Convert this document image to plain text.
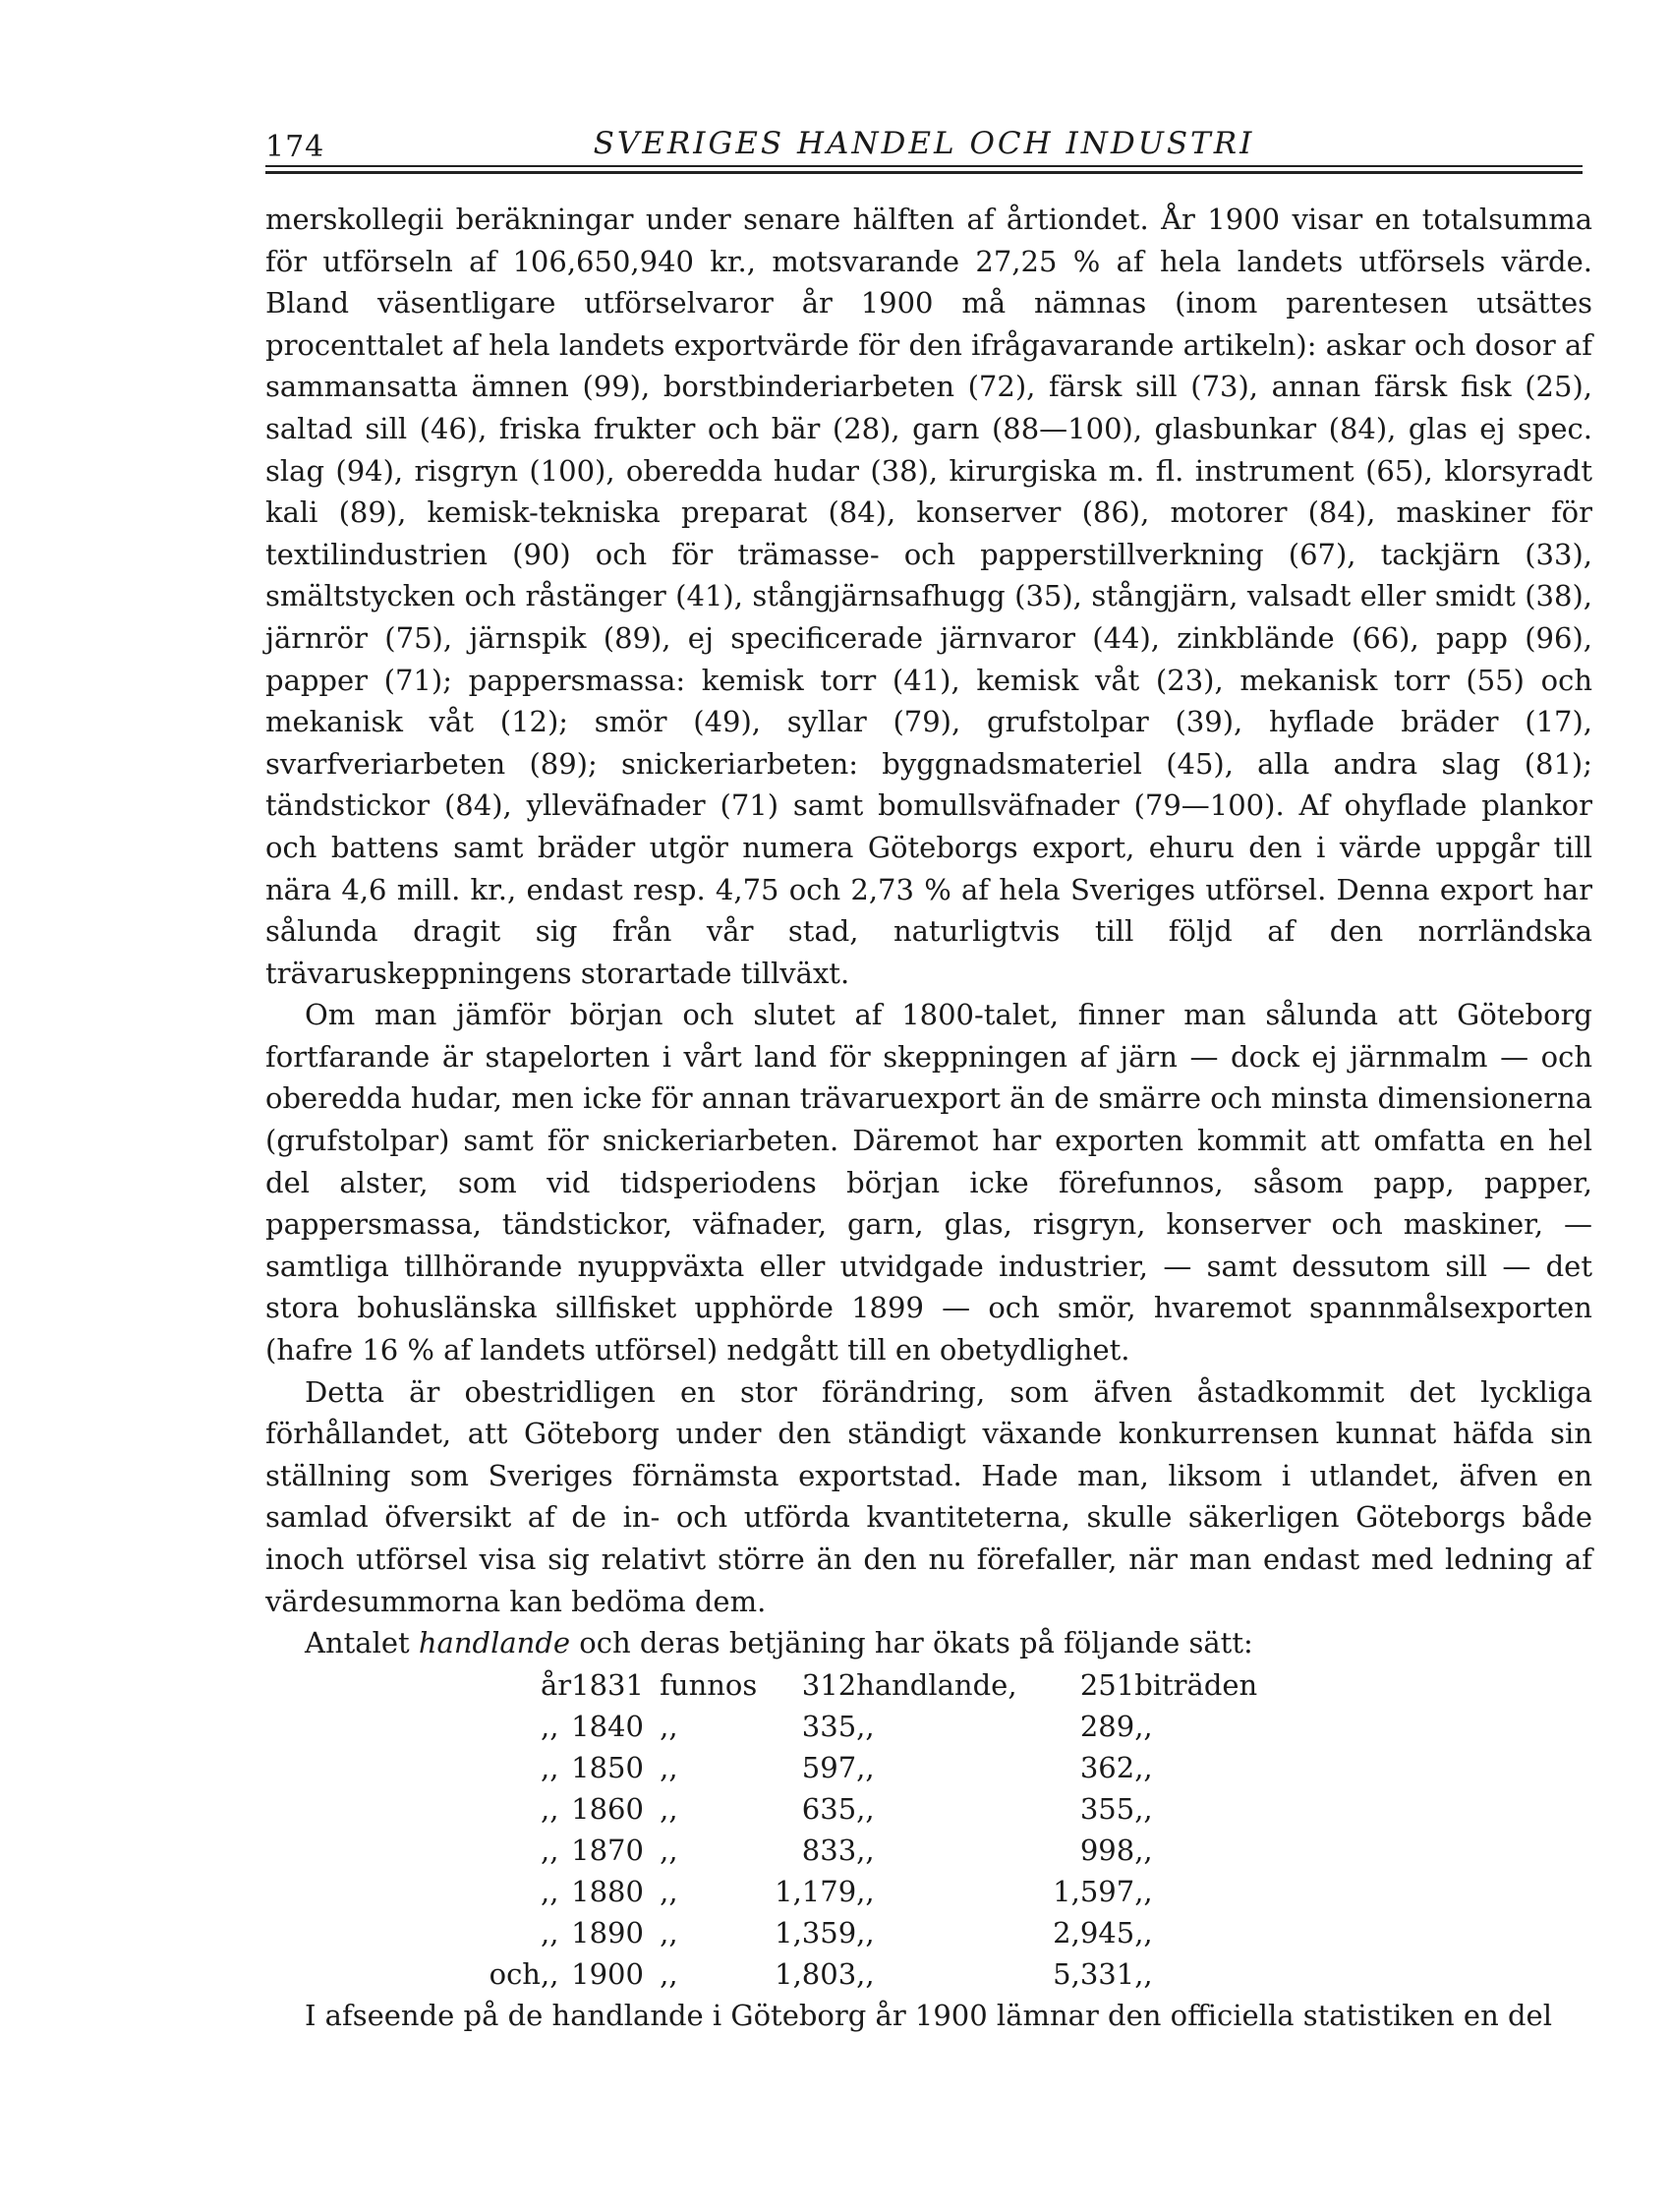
174	SVERIGES HANDEL OCH INDUSTRI

merskollegii beräkningar under senare hälften af årtiondet. År 1900 visar en totalsumma för utförseln af 106,650,940 kr., motsvarande 27,25 % af hela landets utförsels värde. Bland väsentligare utförselvaror år 1900 må nämnas (inom parentesen utsättes procenttalet af hela landets exportvärde för den ifrågavarande artikeln): askar och dosor af sammansatta ämnen (99), borstbinderiarbeten (72), färsk sill (73), annan färsk fisk (25), saltad sill (46), friska frukter och bär (28), garn (88—100), glasbunkar (84), glas ej spec. slag (94), risgryn (100), oberedda hudar (38), kirurgiska m. fl. instrument (65), klorsyradt kali (89), kemisk-tekniska preparat (84), konserver (86), motorer (84), maskiner för textilindustrien (90) och för trämasse- och papperstillverkning (67), tackjärn (33), smältstycken och råstänger (41), stångjärnsafhugg (35), stångjärn, valsadt eller smidt (38), järnrör (75), järnspik (89), ej specificerade järnvaror (44), zinkblände (66), papp (96), papper (71); pappersmassa: kemisk torr (41), kemisk våt (23), mekanisk torr (55) och mekanisk våt (12); smör (49), syllar (79), grufstolpar (39), hyflade bräder (17), svarfveriarbeten (89); snickeriarbeten: byggnadsmateriel (45), alla andra slag (81); tändstickor (84), ylleväfnader (71) samt bomullsväfnader (79—100). Af ohyflade plankor och battens samt bräder utgör numera Göteborgs export, ehuru den i värde uppgår till nära 4,6 mill. kr., endast resp. 4,75 och 2,73 % af hela Sveriges utförsel. Denna export har sålunda dragit sig från vår stad, naturligtvis till följd af den norrländska trävaruskeppningens storartade tillväxt.

Om man jämför början och slutet af 1800-talet, finner man sålunda att Göteborg fortfarande är stapelorten i vårt land för skeppningen af järn — dock ej järnmalm — och oberedda hudar, men icke för annan trävaruexport än de smärre och minsta dimensionerna (grufstolpar) samt för snickeriarbeten. Däremot har exporten kommit att omfatta en hel del alster, som vid tidsperiodens början icke förefunnos, såsom papp, papper, pappersmassa, tändstickor, väfnader, garn, glas, risgryn, konserver och maskiner, — samtliga tillhörande nyuppväxta eller utvidgade industrier, — samt dessutom sill — det stora bohuslänska sillfisket upphörde 1899 — och smör, hvaremot spannmålsexporten (hafre 16 % af landets utförsel) nedgått till en obetydlighet.

Detta är obestridligen en stor förändring, som äfven åstadkommit det lyckliga förhållandet, att Göteborg under den ständigt växande konkurrensen kunnat häfda sin ställning som Sveriges förnämsta exportstad. Hade man, liksom i utlandet, äfven en samlad öfversikt af de in- och utförda kvantiteterna, skulle säkerligen Göteborgs både inoch utförsel visa sig relativt större än den nu förefaller, när man endast med ledning af värdesummorna kan bedöma dem.

Antalet handlande och deras betjäning har ökats på följande sätt:

	år	1831	funnos	312	handlande,	251	biträden
	,,	1840	,,	335	,,	289	,,
	,,	1850	,,	597	,,	362	,,
	,,	1860	,,	635	,,	355	,,
	,,	1870	,,	833	,,	998	,,
	,,	1880	,,	1,179	,,	1,597	,,
	,,	1890	,,	1,359	,,	2,945	,,
och	,,	1900	,,	1,803	,,	5,331	,,

I afseende på de handlande i Göteborg år 1900 lämnar den officiella statistiken en del
